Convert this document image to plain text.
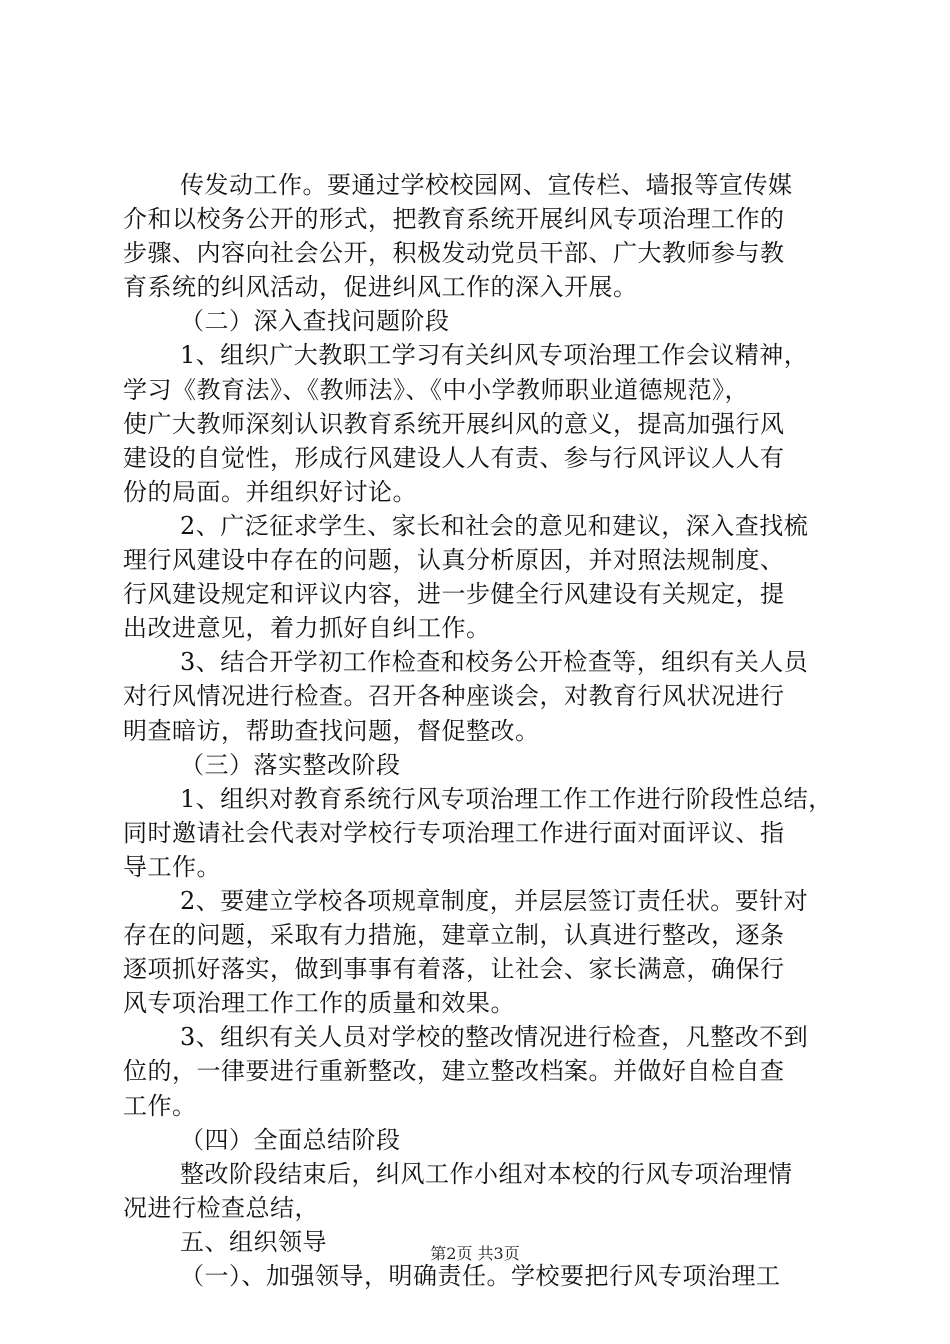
传发动工作。要通过学校校园网、宣传栏、墙报等宣传媒
介和以校务公开的形式，把教育系统开展纠风专项治理工作的
步骤、内容向社会公开，积极发动党员干部、广大教师参与教
育系统的纠风活动，促进纠风工作的深入开展。
（二）深入查找问题阶段
1、组织广大教职工学习有关纠风专项治理工作会议精神，
学习《教育法》、《教师法》、《中小学教师职业道德规范》，
使广大教师深刻认识教育系统开展纠风的意义，提高加强行风
建设的自觉性，形成行风建设人人有责、参与行风评议人人有
份的局面。并组织好讨论。
2、广泛征求学生、家长和社会的意见和建议，深入查找梳
理行风建设中存在的问题，认真分析原因，并对照法规制度、
行风建设规定和评议内容，进一步健全行风建设有关规定，提
出改进意见，着力抓好自纠工作。
3、结合开学初工作检查和校务公开检查等，组织有关人员
对行风情况进行检查。召开各种座谈会，对教育行风状况进行
明查暗访，帮助查找问题，督促整改。
（三）落实整改阶段
1、组织对教育系统行风专项治理工作工作进行阶段性总结，
同时邀请社会代表对学校行专项治理工作进行面对面评议、指
导工作。
2、要建立学校各项规章制度，并层层签订责任状。要针对
存在的问题，采取有力措施，建章立制，认真进行整改，逐条
逐项抓好落实，做到事事有着落，让社会、家长满意，确保行
风专项治理工作工作的质量和效果。
3、组织有关人员对学校的整改情况进行检查，凡整改不到
位的，一律要进行重新整改，建立整改档案。并做好自检自查
工作。
（四）全面总结阶段
整改阶段结束后，纠风工作小组对本校的行风专项治理情
况进行检查总结，
五、组织领导
（一）、加强领导，明确责任。学校要把行风专项治理工
第2页 共3页
